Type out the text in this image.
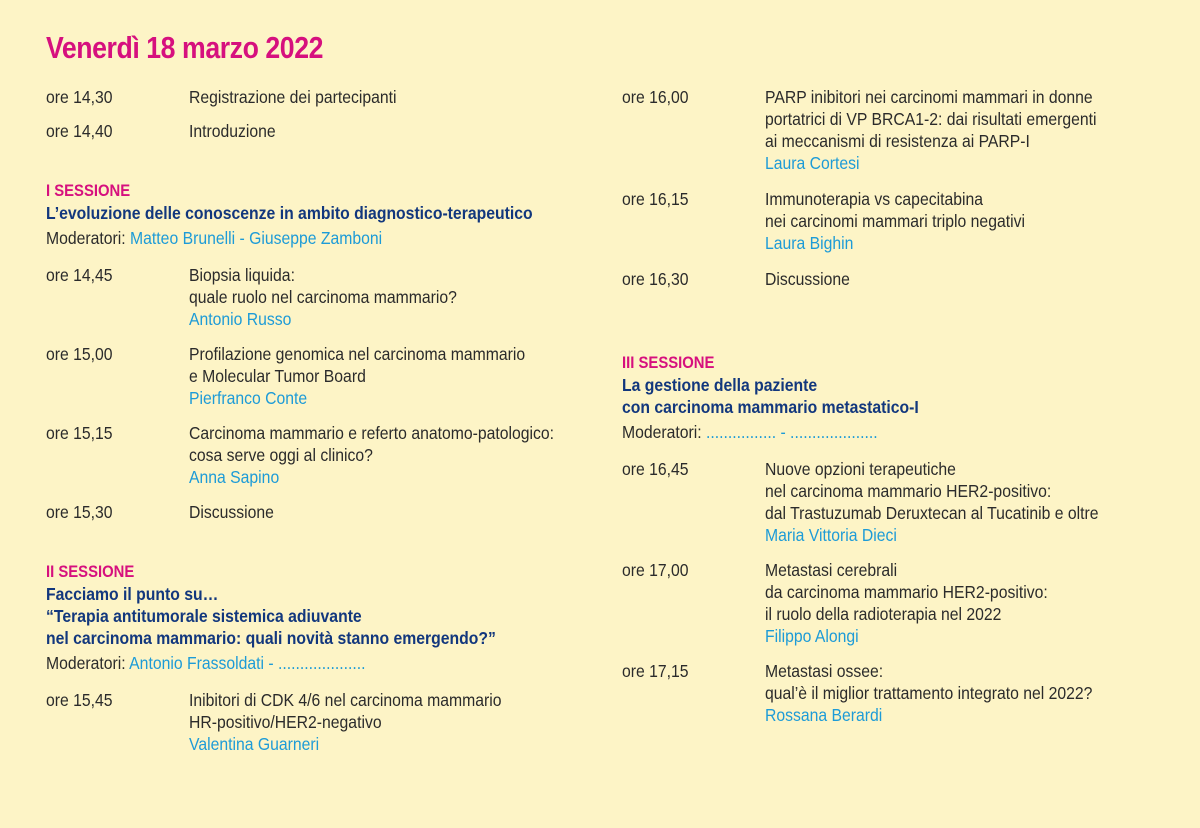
Venerdì 18 marzo 2022
ore 14,30	Registrazione dei partecipanti
ore 14,40	Introduzione
I SESSIONE
L’evoluzione delle conoscenze in ambito diagnostico-terapeutico
Moderatori: Matteo Brunelli - Giuseppe Zamboni
ore 14,45	Biopsia liquida:
quale ruolo nel carcinoma mammario?
Antonio Russo
ore 15,00	Profilazione genomica nel carcinoma mammario
e Molecular Tumor Board
Pierfranco Conte
ore 15,15	Carcinoma mammario e referto anatomo-patologico:
cosa serve oggi al clinico?
Anna Sapino
ore 15,30	Discussione
II SESSIONE
Facciamo il punto su…
“Terapia antitumorale sistemica adiuvante
nel carcinoma mammario: quali novità stanno emergendo?”
Moderatori: Antonio Frassoldati - ....................
ore 15,45	Inibitori di CDK 4/6 nel carcinoma mammario
HR-positivo/HER2-negativo
Valentina Guarneri
ore 16,00	PARP inibitori nei carcinomi mammari in donne
portatrici di VP BRCA1-2: dai risultati emergenti
ai meccanismi di resistenza ai PARP-I
Laura Cortesi
ore 16,15	Immunoterapia vs capecitabina
nei carcinomi mammari triplo negativi
Laura Bighin
ore 16,30	Discussione
III SESSIONE
La gestione della paziente
con carcinoma mammario metastatico-I
Moderatori: ................ - ....................
ore 16,45	Nuove opzioni terapeutiche
nel carcinoma mammario HER2-positivo:
dal Trastuzumab Deruxtecan al Tucatinib e oltre
Maria Vittoria Dieci
ore 17,00	Metastasi cerebrali
da carcinoma mammario HER2-positivo:
il ruolo della radioterapia nel 2022
Filippo Alongi
ore 17,15	Metastasi ossee:
qual’è il miglior trattamento integrato nel 2022?
Rossana Berardi
